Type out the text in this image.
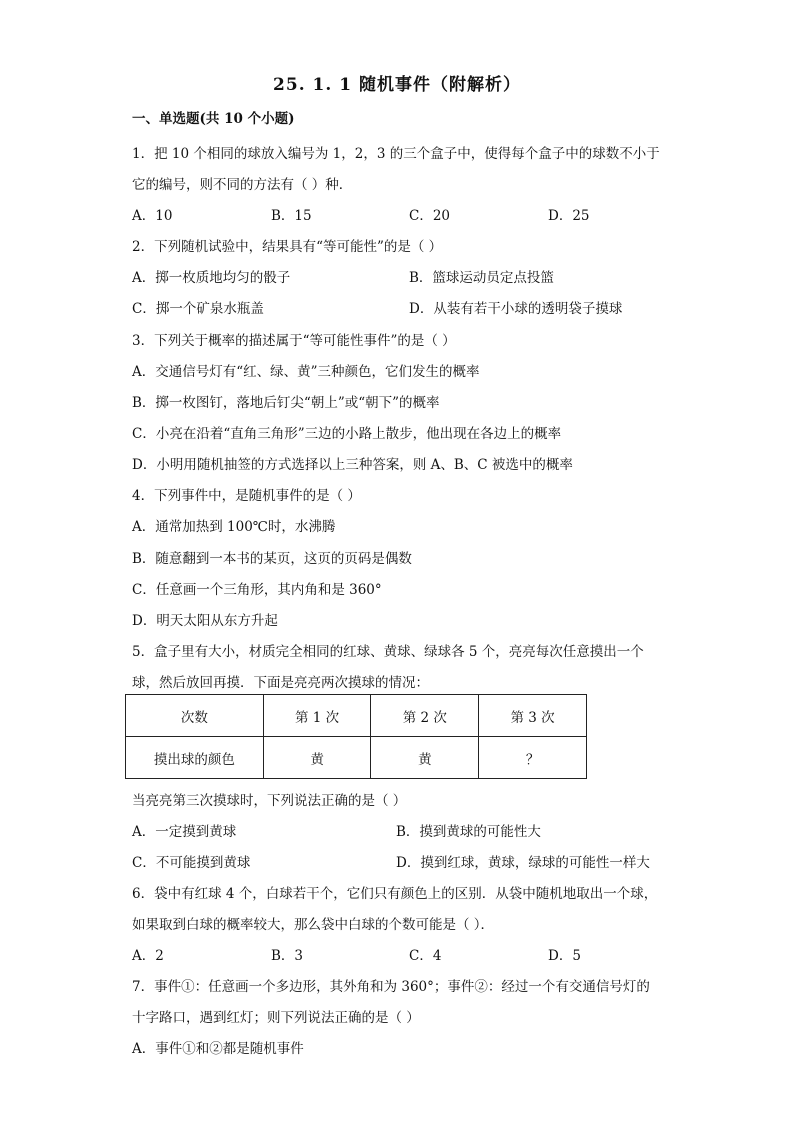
25. 1. 1 随机事件（附解析）
一、单选题(共 10 个小题)
1．把 10 个相同的球放入编号为 1，2，3 的三个盒子中，使得每个盒子中的球数不小于
它的编号，则不同的方法有（ ）种．
A．10	B．15	C．20	D．25
2．下列随机试验中，结果具有“等可能性”的是（ ）
A．掷一枚质地均匀的骰子	B．篮球运动员定点投篮
C．掷一个矿泉水瓶盖	D．从装有若干小球的透明袋子摸球
3．下列关于概率的描述属于“等可能性事件”的是（ ）
A．交通信号灯有“红、绿、黄”三种颜色，它们发生的概率
B．掷一枚图钉，落地后钉尖“朝上”或“朝下”的概率
C．小亮在沿着“直角三角形”三边的小路上散步，他出现在各边上的概率
D．小明用随机抽签的方式选择以上三种答案，则 A、B、C 被选中的概率
4．下列事件中，是随机事件的是（ ）
A．通常加热到 100℃时，水沸腾
B．随意翻到一本书的某页，这页的页码是偶数
C．任意画一个三角形，其内角和是 360°
D．明天太阳从东方升起
5．盒子里有大小，材质完全相同的红球、黄球、绿球各 5 个，亮亮每次任意摸出一个
球，然后放回再摸．下面是亮亮两次摸球的情况：
次数	第 1 次	第 2 次	第 3 次
摸出球的颜色	黄	黄	？
当亮亮第三次摸球时，下列说法正确的是（ ）
A．一定摸到黄球	B．摸到黄球的可能性大
C．不可能摸到黄球	D．摸到红球，黄球，绿球的可能性一样大
6．袋中有红球 4 个，白球若干个，它们只有颜色上的区别．从袋中随机地取出一个球，
如果取到白球的概率较大，那么袋中白球的个数可能是（ ）．
A．2	B．3	C．4	D．5
7．事件①：任意画一个多边形，其外角和为 360°；事件②：经过一个有交通信号灯的
十字路口，遇到红灯；则下列说法正确的是（ ）
A．事件①和②都是随机事件
